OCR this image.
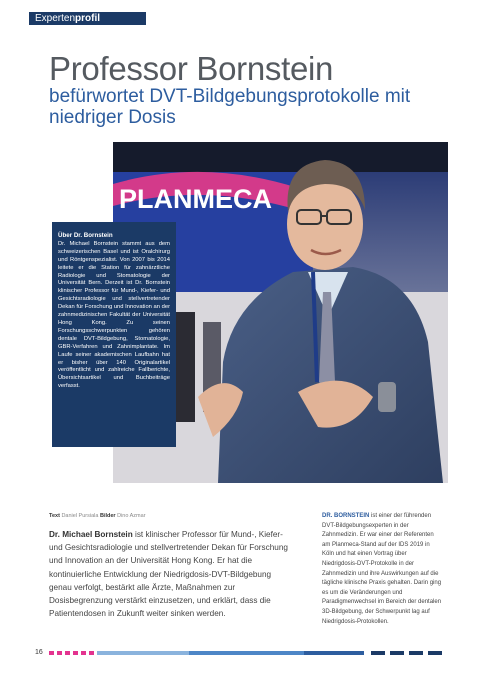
Expertenprofil
Professor Bornstein
befürwortet DVT-Bildgebungsprotokolle mit niedriger Dosis
PLANMECA
Über Dr. Bornstein
Dr. Michael Bornstein stammt aus dem schweizerischen Basel und ist Oralchirurg und Röntgenspezialist. Von 2007 bis 2014 leitete er die Station für zahnärztliche Radiologie und Stomatologie der Universität Bern. Derzeit ist Dr. Bornstein klinischer Professor für Mund-, Kiefer- und Gesichtsradiologie und stellvertretender Dekan für Forschung und Innovation an der zahnmedizinischen Fakultät der Universität Hong Kong. Zu seinen Forschungsschwerpunkten gehören dentale DVT-Bildgebung, Stomatologie, GBR-Verfahren und Zahnimplantate. Im Laufe seiner akademischen Laufbahn hat er bisher über 140 Originalartikel veröffentlicht und zahlreiche Fallberichte, Übersichtsartikel und Buchbeiträge verfasst.
Text Daniel Pursiala Bilder Dino Azmar
Dr. Michael Bornstein ist klinischer Professor für Mund-, Kiefer- und Gesichtsradiologie und stellvertretender Dekan für Forschung und Innovation an der Universität Hong Kong. Er hat die kontinuierliche Entwicklung der Niedrigdosis-DVT-Bildgebung genau verfolgt, bestärkt alle Ärzte, Maßnahmen zur Dosisbegrenzung verstärkt einzusetzen, und erklärt, dass die Patientendosen in Zukunft weiter sinken werden.
DR. BORNSTEIN ist einer der führenden DVT-Bildgebungsexperten in der Zahnmedizin. Er war einer der Referenten am Planmeca-Stand auf der IDS 2019 in Köln und hat einen Vortrag über Niedrigdosis-DVT-Protokolle in der Zahnmedizin und ihre Auswirkungen auf die tägliche klinische Praxis gehalten. Darin ging es um die Veränderungen und Paradigmenwechsel im Bereich der dentalen 3D-Bildgebung, der Schwerpunkt lag auf Niedrigdosis-Protokollen.
16
